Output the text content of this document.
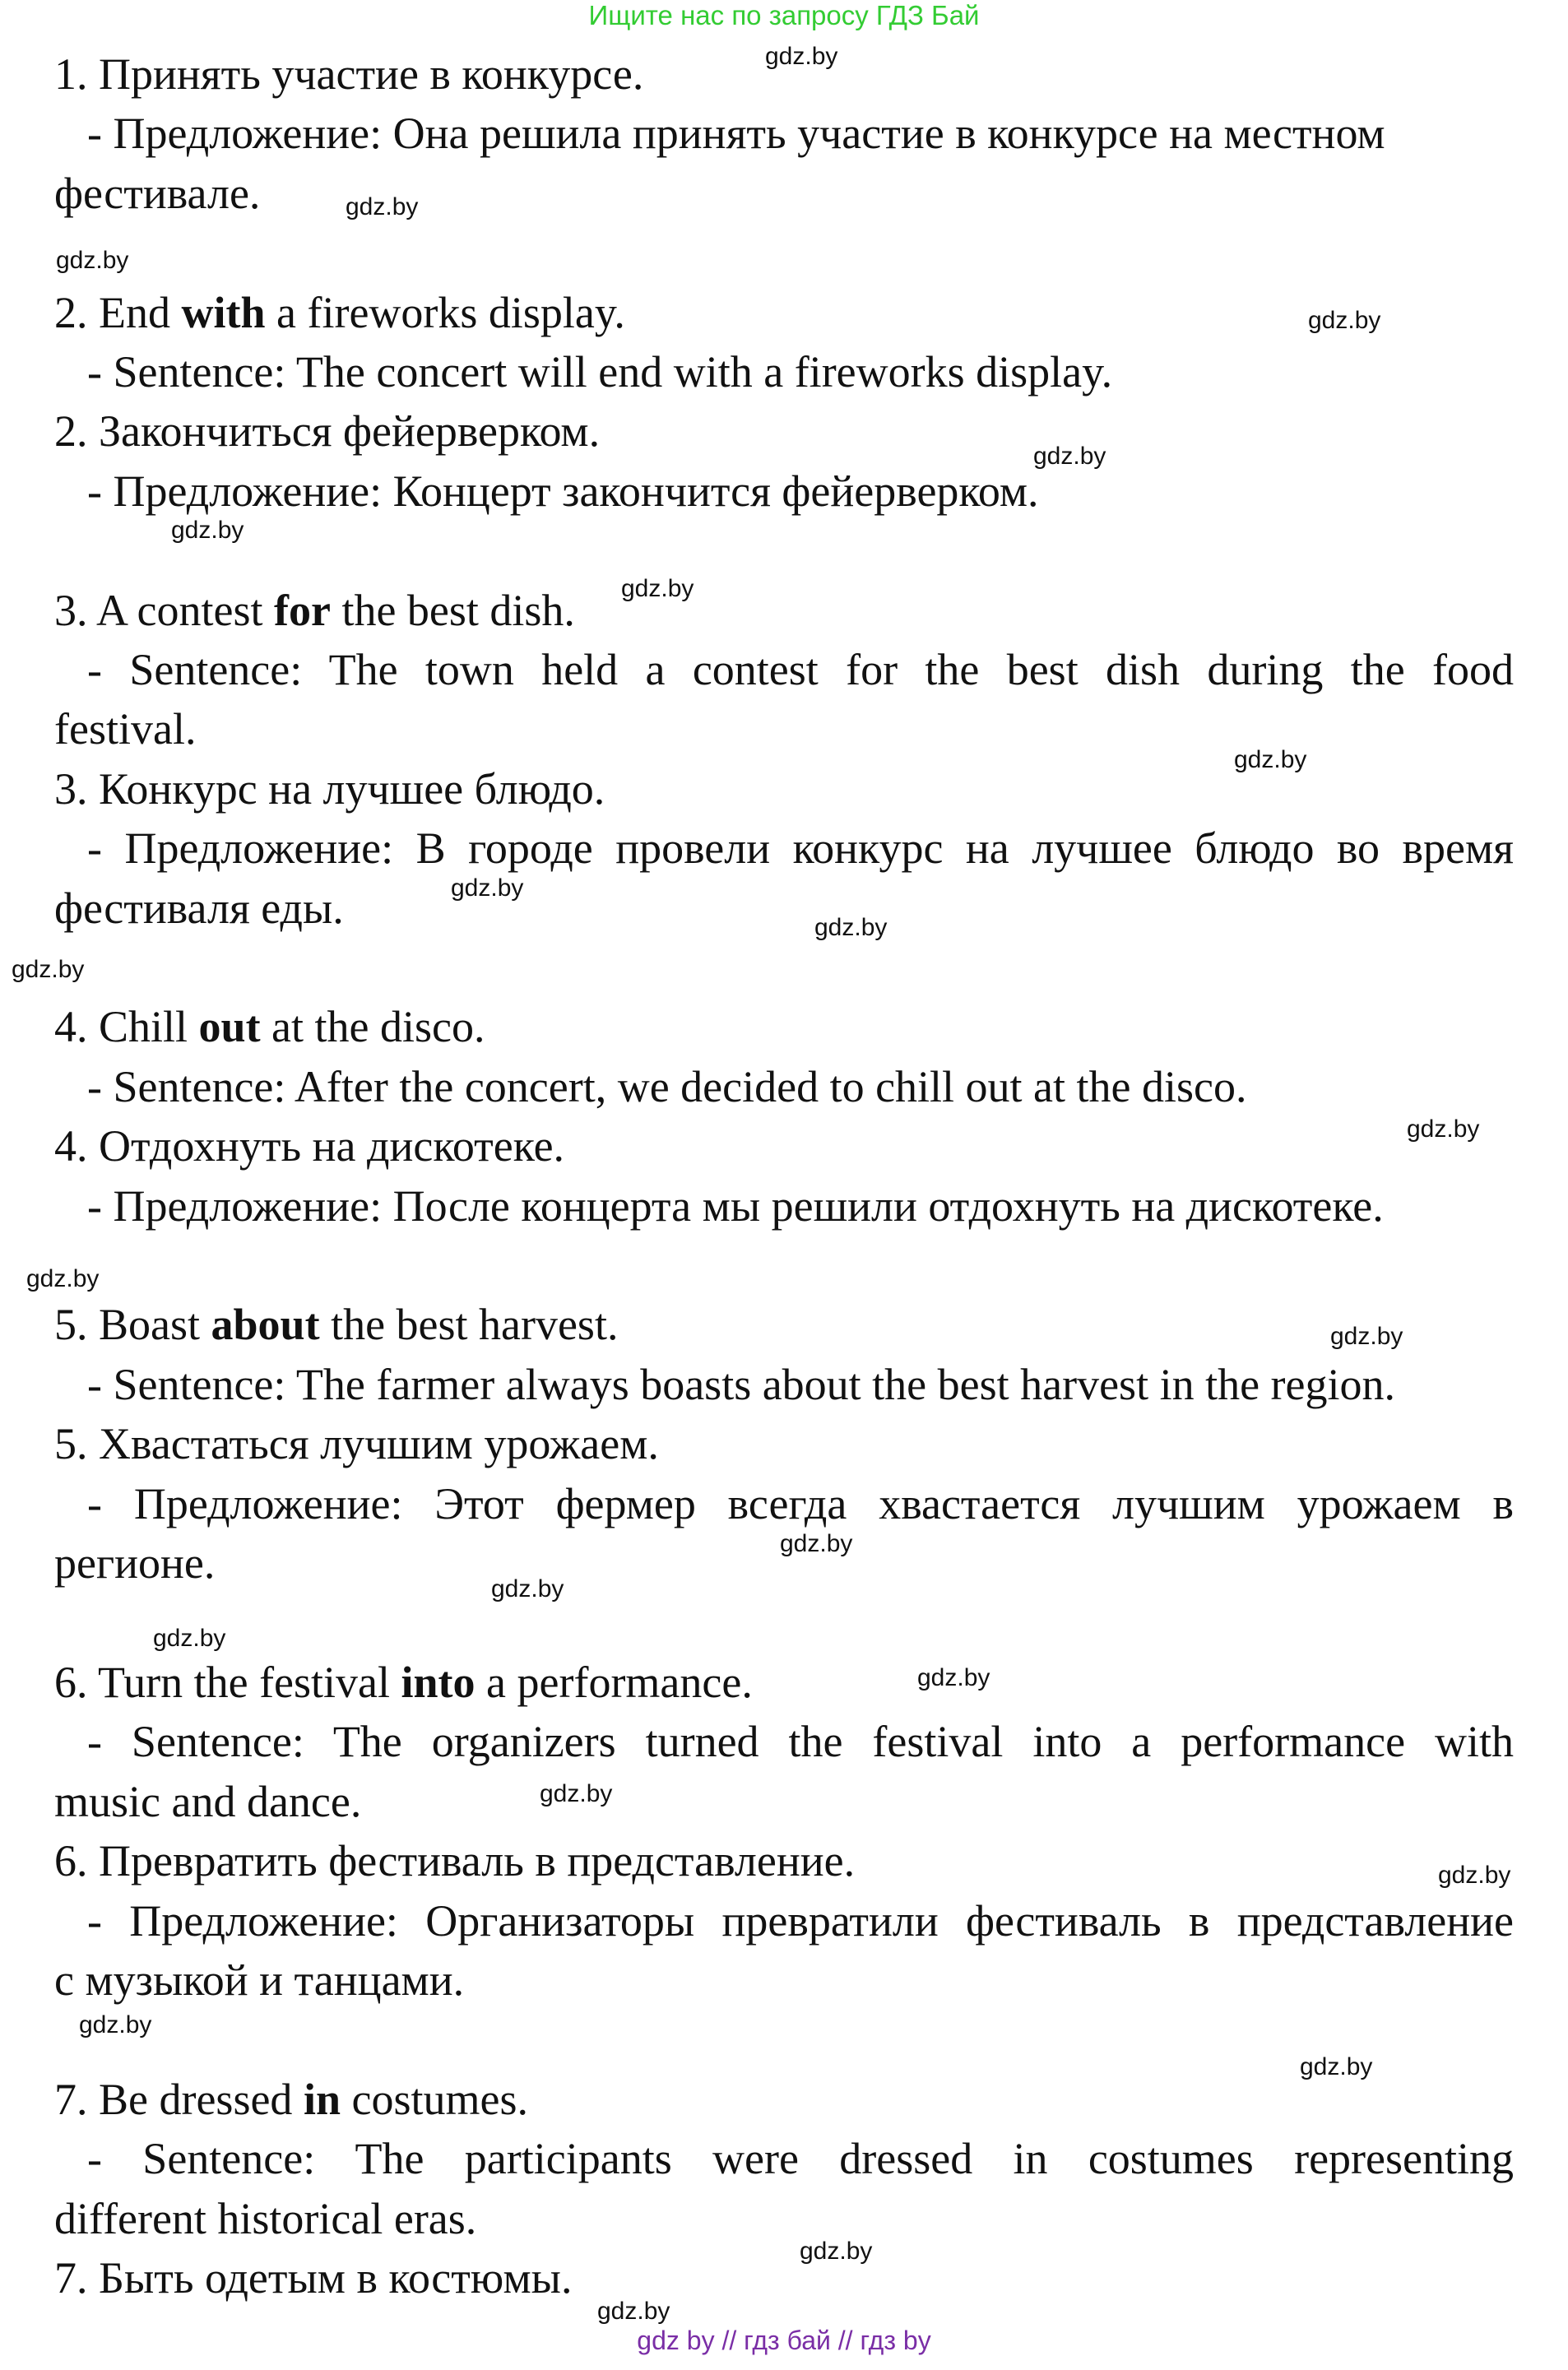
Ищите нас по запросу ГДЗ Бай

1. Принять участие в конкурсе.

- Предложение: Она решила принять участие в конкурсе на местном

фестивале.

2. End with a fireworks display.

- Sentence: The concert will end with a fireworks display.

2. Закончиться фейерверком.

- Предложение: Концерт закончится фейерверком.

3. A contest for the best dish.

- Sentence: The town held a contest for the best dish during the food

festival.

3. Конкурс на лучшее блюдо.

- Предложение: В городе провели конкурс на лучшее блюдо во время

фестиваля еды.

4. Chill out at the disco.

- Sentence: After the concert, we decided to chill out at the disco.

4. Отдохнуть на дискотеке.

- Предложение: После концерта мы решили отдохнуть на дискотеке.

5. Boast about the best harvest.

- Sentence: The farmer always boasts about the best harvest in the region.

5. Хвастаться лучшим урожаем.

- Предложение: Этот фермер всегда хвастается лучшим урожаем в

регионе.

6. Turn the festival into a performance.

- Sentence: The organizers turned the festival into a performance with

music and dance.

6. Превратить фестиваль в представление.

- Предложение: Организаторы превратили фестиваль в представление

с музыкой и танцами.

7. Be dressed in costumes.

- Sentence: The participants were dressed in costumes representing

different historical eras.

7. Быть одетым в костюмы.

gdz.by
gdz.by
gdz.by
gdz.by
gdz.by
gdz.by
gdz.by
gdz.by
gdz.by
gdz.by
gdz.by
gdz.by
gdz.by
gdz.by
gdz.by
gdz.by
gdz.by
gdz.by
gdz.by
gdz.by
gdz.by
gdz.by
gdz.by
gdz.by
gdz by // гдз бай // гдз by
